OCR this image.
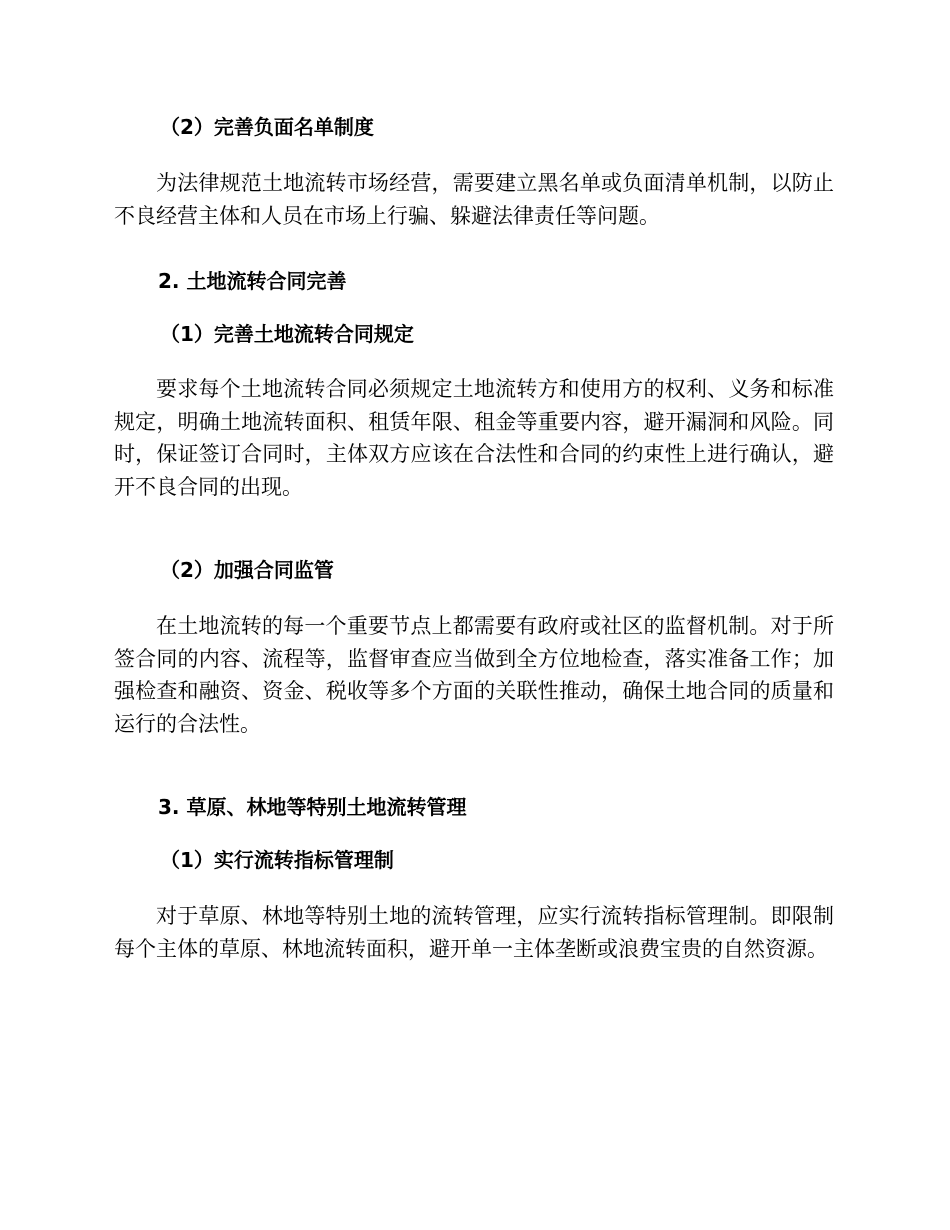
（2）完善负面名单制度

为法律规范土地流转市场经营，需要建立黑名单或负面清单机制，以防止不良经营主体和人员在市场上行骗、躲避法律责任等问题。

2. 土地流转合同完善
（1）完善土地流转合同规定

要求每个土地流转合同必须规定土地流转方和使用方的权利、义务和标准规定，明确土地流转面积、租赁年限、租金等重要内容，避开漏洞和风险。同时，保证签订合同时，主体双方应该在合法性和合同的约束性上进行确认，避开不良合同的出现。

（2）加强合同监管

在土地流转的每一个重要节点上都需要有政府或社区的监督机制。对于所签合同的内容、流程等，监督审查应当做到全方位地检查，落实准备工作；加强检查和融资、资金、税收等多个方面的关联性推动，确保土地合同的质量和运行的合法性。

3. 草原、林地等特别土地流转管理
（1）实行流转指标管理制

对于草原、林地等特别土地的流转管理，应实行流转指标管理制。即限制每个主体的草原、林地流转面积，避开单一主体垄断或浪费宝贵的自然资源。
